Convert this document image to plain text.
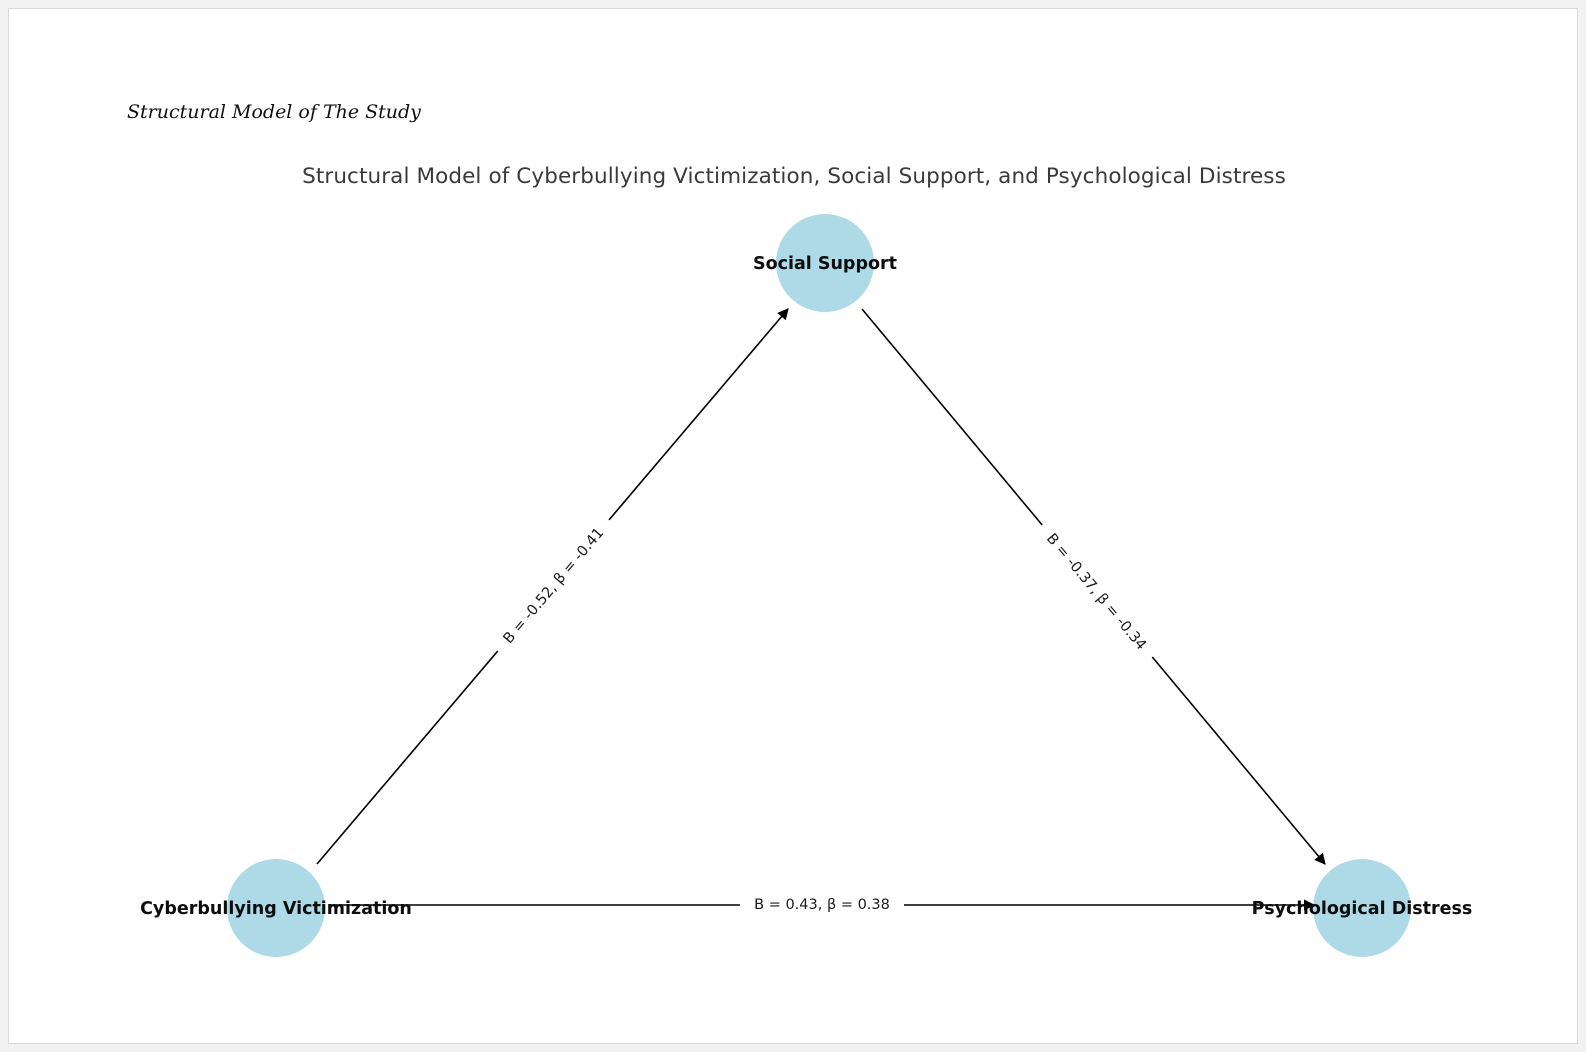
Structural Model of The Study
Structural Model of Cyberbullying Victimization, Social Support, and Psychological Distress
B = -0.52, β = -0.41	B = -0.37, β = -0.34
B = 0.43, β = 0.38
Social Support
Cyberbullying Victimization	Psychological Distress
